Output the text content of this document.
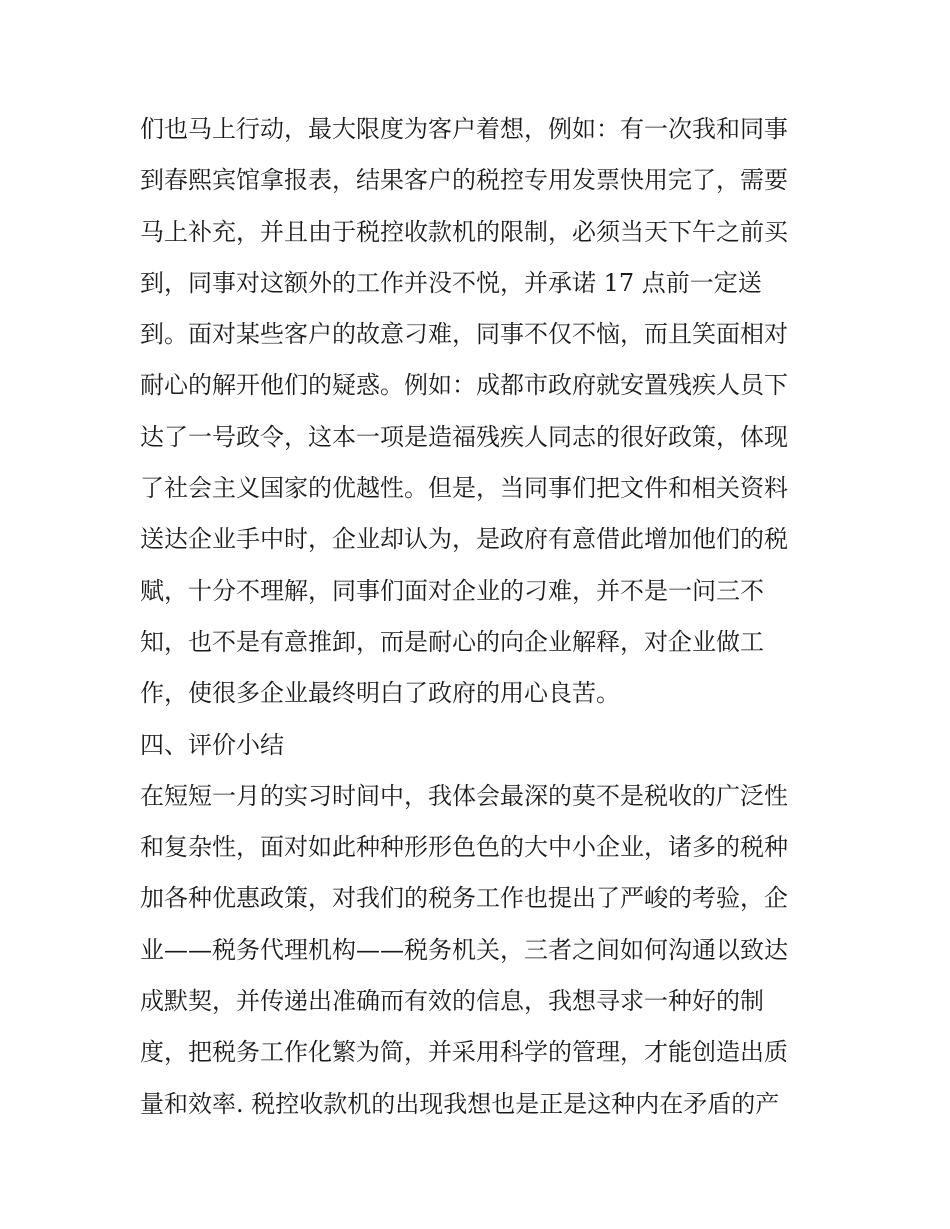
们也马上行动，最大限度为客户着想，例如：有一次我和同事
到春熙宾馆拿报表，结果客户的税控专用发票快用完了，需要
马上补充，并且由于税控收款机的限制，必须当天下午之前买
到，同事对这额外的工作并没不悦，并承诺 17 点前一定送
到。面对某些客户的故意刁难，同事不仅不恼，而且笑面相对
耐心的解开他们的疑惑。例如：成都市政府就安置残疾人员下
达了一号政令，这本一项是造福残疾人同志的很好政策，体现
了社会主义国家的优越性。但是，当同事们把文件和相关资料
送达企业手中时，企业却认为，是政府有意借此增加他们的税
赋，十分不理解，同事们面对企业的刁难，并不是一问三不
知，也不是有意推卸，而是耐心的向企业解释，对企业做工
作，使很多企业最终明白了政府的用心良苦。
四、评价小结
在短短一月的实习时间中，我体会最深的莫不是税收的广泛性
和复杂性，面对如此种种形形色色的大中小企业，诸多的税种
加各种优惠政策，对我们的税务工作也提出了严峻的考验，企
业——税务代理机构——税务机关，三者之间如何沟通以致达
成默契，并传递出准确而有效的信息，我想寻求一种好的制
度，把税务工作化繁为简，并采用科学的管理，才能创造出质
量和效率. 税控收款机的出现我想也是正是这种内在矛盾的产
